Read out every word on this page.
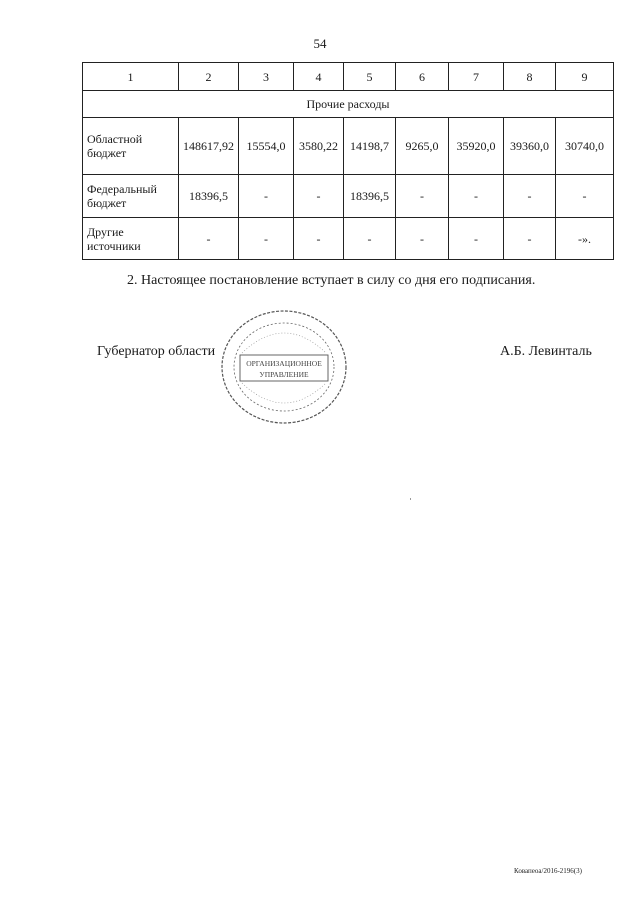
54
1	2	3	4	5	6	7	8	9
Прочие расходы								
Областной бюджет	148617,92	15554,0	3580,22	14198,7	9265,0	35920,0	39360,0	30740,0
Федеральный бюджет	18396,5	-	-	18396,5	-	-	-	-
Другие источники	-	-	-	-	-	-	-	-».
2. Настоящее постановление вступает в силу со дня его подписания.
Губернатор области
ОРГАНИЗАЦИОННОЕ
УПРАВЛЕНИЕ
А.Б. Левинталь
Ковапеоа/2016-2196(3)
